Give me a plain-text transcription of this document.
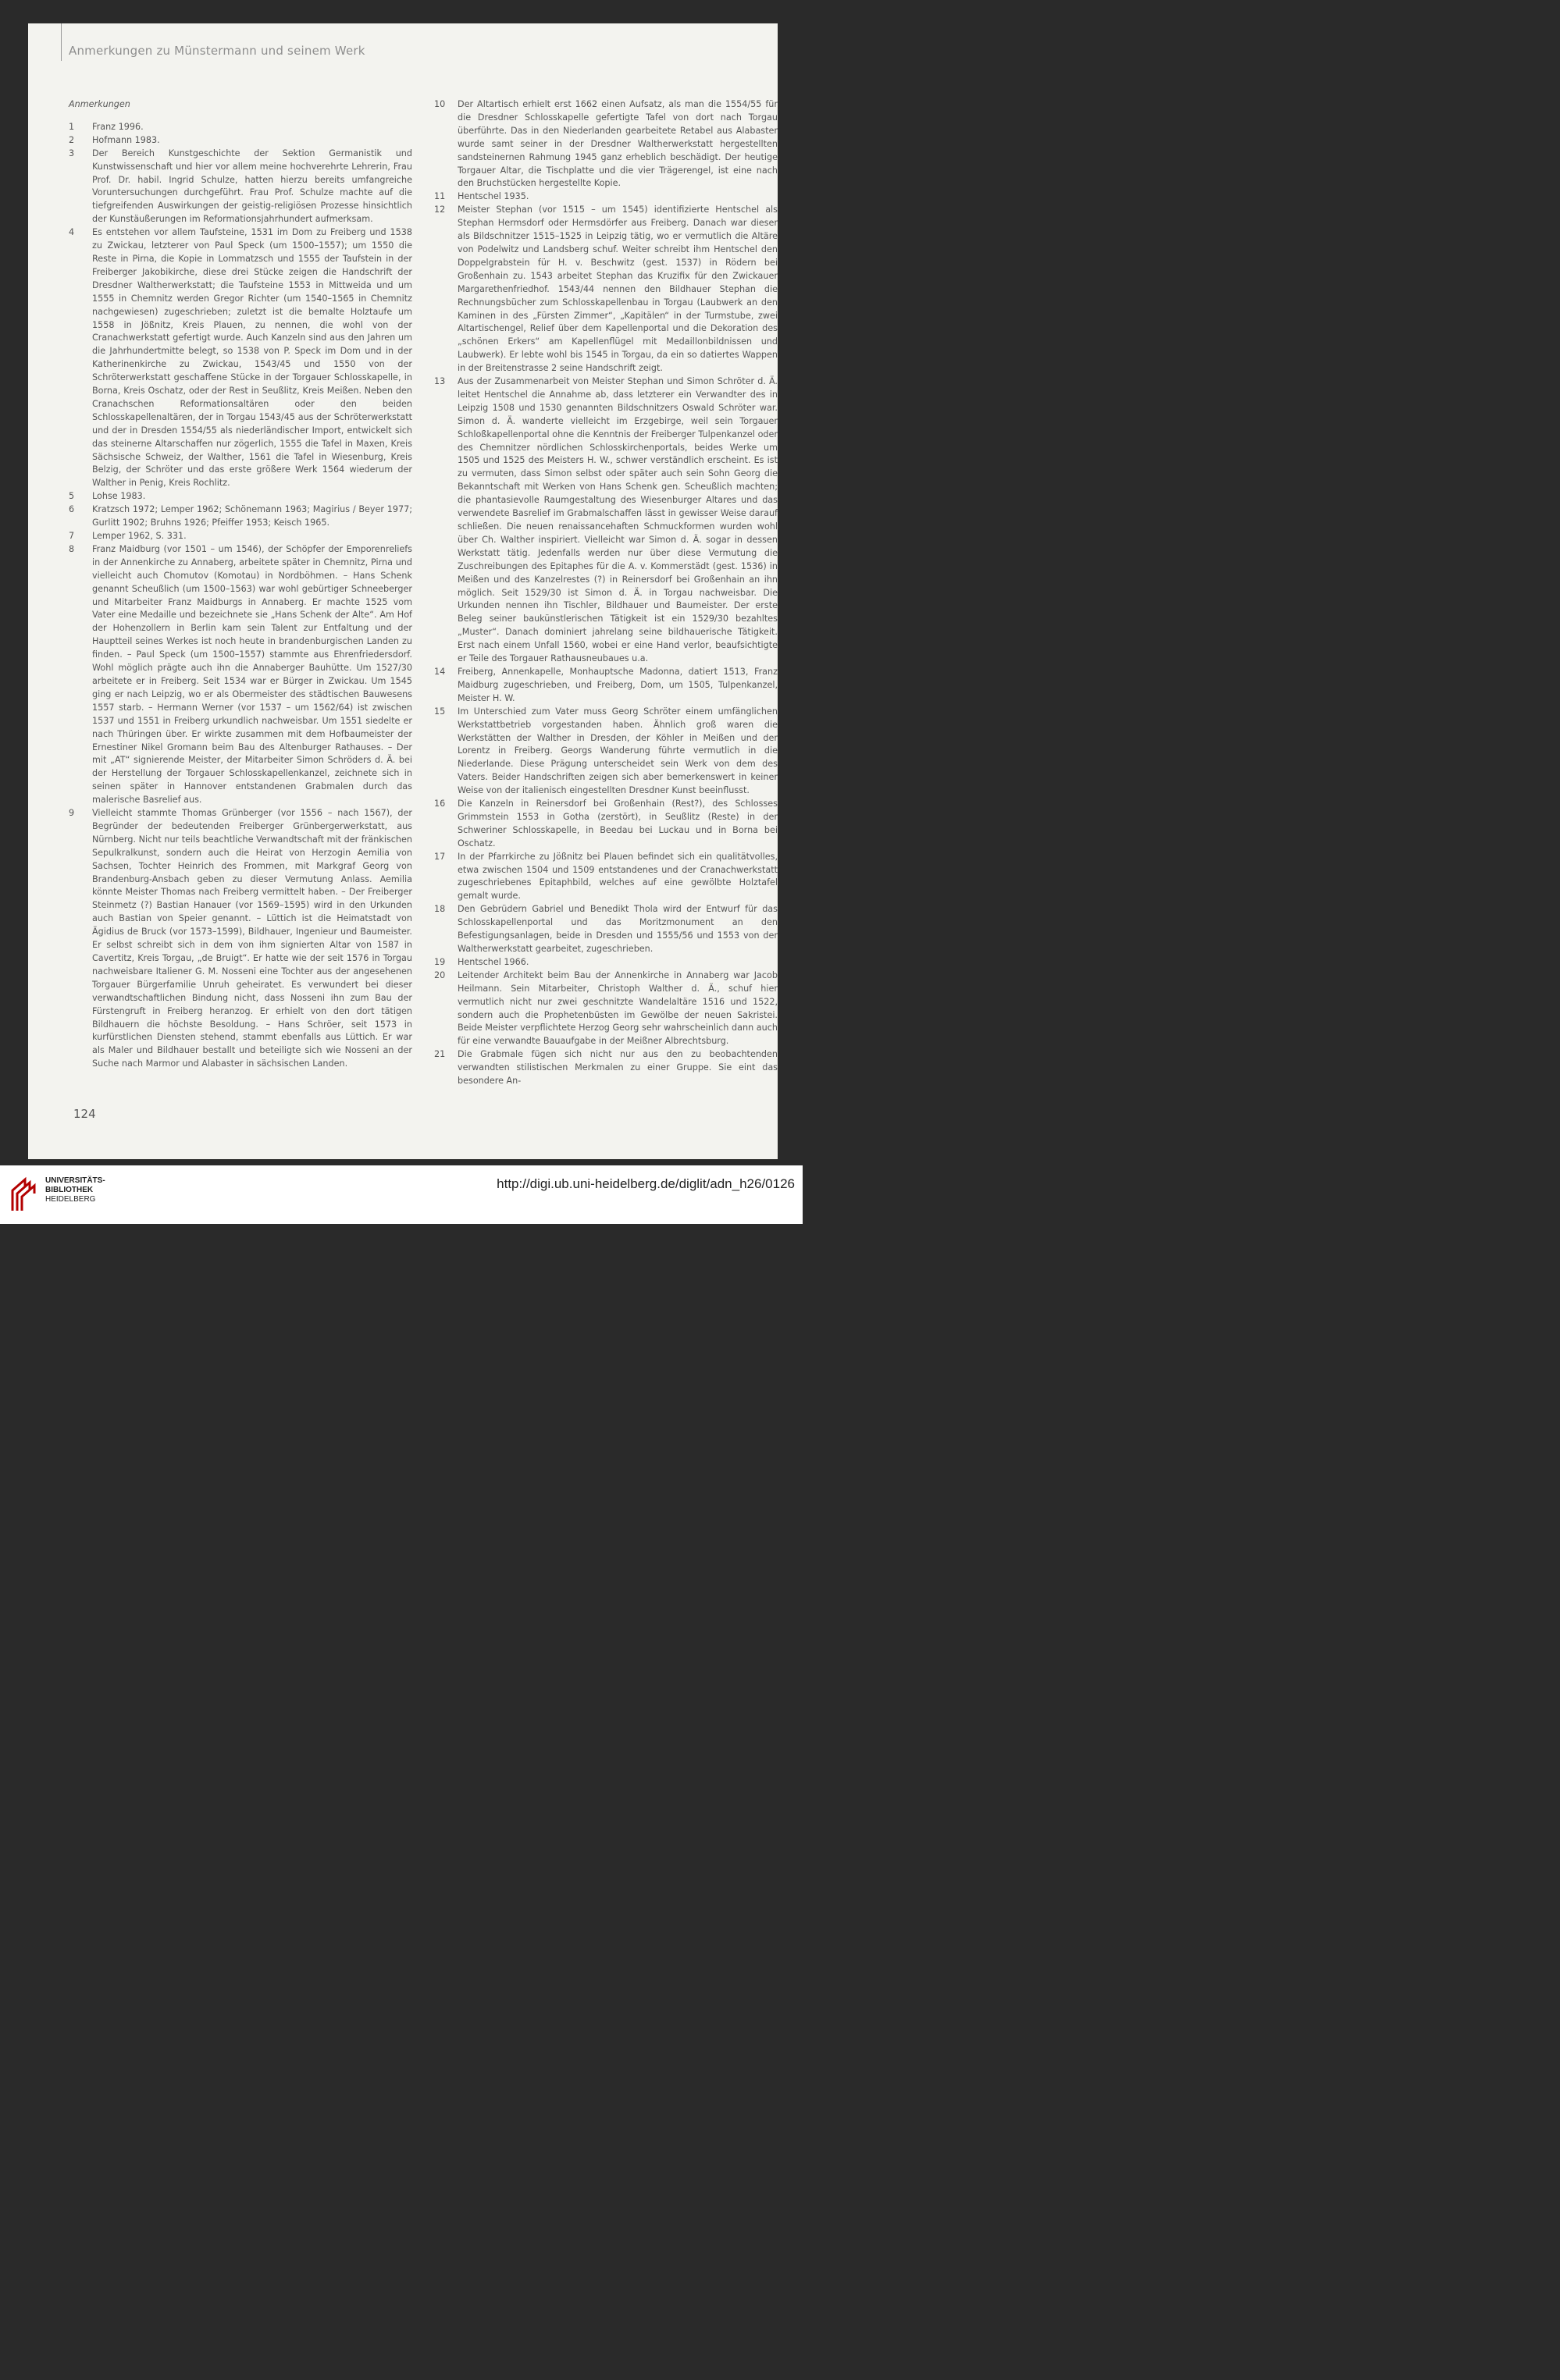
Anmerkungen zu Münstermann und seinem Werk
Anmerkungen
1	Franz 1996.
2	Hofmann 1983.
3	Der Bereich Kunstgeschichte der Sektion Germanistik und Kunstwissenschaft und hier vor allem meine hochverehrte Lehrerin, Frau Prof. Dr. habil. Ingrid Schulze, hatten hierzu bereits umfangreiche Voruntersuchungen durchgeführt. Frau Prof. Schulze machte auf die tiefgreifenden Auswirkungen der geistig-religiösen Prozesse hinsichtlich der Kunstäußerungen im Reformationsjahrhundert aufmerksam.
4	Es entstehen vor allem Taufsteine, 1531 im Dom zu Freiberg und 1538 zu Zwickau, letzterer von Paul Speck (um 1500–1557); um 1550 die Reste in Pirna, die Kopie in Lommatzsch und 1555 der Taufstein in der Freiberger Jakobikirche, diese drei Stücke zeigen die Handschrift der Dresdner Waltherwerkstatt; die Taufsteine 1553 in Mittweida und um 1555 in Chemnitz werden Gregor Richter (um 1540–1565 in Chemnitz nachgewiesen) zugeschrieben; zuletzt ist die bemalte Holztaufe um 1558 in Jößnitz, Kreis Plauen, zu nennen, die wohl von der Cranachwerkstatt gefertigt wurde. Auch Kanzeln sind aus den Jahren um die Jahrhundertmitte belegt, so 1538 von P. Speck im Dom und in der Katherinenkirche zu Zwickau, 1543/45 und 1550 von der Schröterwerkstatt geschaffene Stücke in der Torgauer Schlosskapelle, in Borna, Kreis Oschatz, oder der Rest in Seußlitz, Kreis Meißen. Neben den Cranachschen Reformationsaltären oder den beiden Schlosskapellenaltären, der in Torgau 1543/45 aus der Schröterwerkstatt und der in Dresden 1554/55 als niederländischer Import, entwickelt sich das steinerne Altarschaffen nur zögerlich, 1555 die Tafel in Maxen, Kreis Sächsische Schweiz, der Walther, 1561 die Tafel in Wiesenburg, Kreis Belzig, der Schröter und das erste größere Werk 1564 wiederum der Walther in Penig, Kreis Rochlitz.
5	Lohse 1983.
6	Kratzsch 1972; Lemper 1962; Schönemann 1963; Magirius / Beyer 1977; Gurlitt 1902; Bruhns 1926; Pfeiffer 1953; Keisch 1965.
7	Lemper 1962, S. 331.
8	Franz Maidburg (vor 1501 – um 1546), der Schöpfer der Emporenreliefs in der Annenkirche zu Annaberg, arbeitete später in Chemnitz, Pirna und vielleicht auch Chomutov (Komotau) in Nordböhmen. – Hans Schenk genannt Scheußlich (um 1500–1563) war wohl gebürtiger Schneeberger und Mitarbeiter Franz Maidburgs in Annaberg. Er machte 1525 vom Vater eine Medaille und bezeichnete sie „Hans Schenk der Alte“. Am Hof der Hohenzollern in Berlin kam sein Talent zur Entfaltung und der Hauptteil seines Werkes ist noch heute in brandenburgischen Landen zu finden. – Paul Speck (um 1500–1557) stammte aus Ehrenfriedersdorf. Wohl möglich prägte auch ihn die Annaberger Bauhütte. Um 1527/30 arbeitete er in Freiberg. Seit 1534 war er Bürger in Zwickau. Um 1545 ging er nach Leipzig, wo er als Obermeister des städtischen Bauwesens 1557 starb. – Hermann Werner (vor 1537 – um 1562/64) ist zwischen 1537 und 1551 in Freiberg urkundlich nachweisbar. Um 1551 siedelte er nach Thüringen über. Er wirkte zusammen mit dem Hofbaumeister der Ernestiner Nikel Gromann beim Bau des Altenburger Rathauses. – Der mit „AT“ signierende Meister, der Mitarbeiter Simon Schröders d. Ä. bei der Herstellung der Torgauer Schlosskapellenkanzel, zeichnete sich in seinen später in Hannover entstandenen Grabmalen durch das malerische Basrelief aus.
9	Vielleicht stammte Thomas Grünberger (vor 1556 – nach 1567), der Begründer der bedeutenden Freiberger Grünbergerwerkstatt, aus Nürnberg. Nicht nur teils beachtliche Verwandtschaft mit der fränkischen Sepulkralkunst, sondern auch die Heirat von Herzogin Aemilia von Sachsen, Tochter Heinrich des Frommen, mit Markgraf Georg von Brandenburg-Ansbach geben zu dieser Vermutung Anlass. Aemilia könnte Meister Thomas nach Freiberg vermittelt haben. – Der Freiberger Steinmetz (?) Bastian Hanauer (vor 1569–1595) wird in den Urkunden auch Bastian von Speier genannt. – Lüttich ist die Heimatstadt von Ägidius de Bruck (vor 1573–1599), Bildhauer, Ingenieur und Baumeister. Er selbst schreibt sich in dem von ihm signierten Altar von 1587 in Cavertitz, Kreis Torgau, „de Bruigt“. Er hatte wie der seit 1576 in Torgau nachweisbare Italiener G. M. Nosseni eine Tochter aus der angesehenen Torgauer Bürgerfamilie Unruh geheiratet. Es verwundert bei dieser verwandtschaftlichen Bindung nicht, dass Nosseni ihn zum Bau der Fürstengruft in Freiberg heranzog. Er erhielt von den dort tätigen Bildhauern die höchste Besoldung. – Hans Schröer, seit 1573 in kurfürstlichen Diensten stehend, stammt ebenfalls aus Lüttich. Er war als Maler und Bildhauer bestallt und beteiligte sich wie Nosseni an der Suche nach Marmor und Alabaster in sächsischen Landen.
10	Der Altartisch erhielt erst 1662 einen Aufsatz, als man die 1554/55 für die Dresdner Schlosskapelle gefertigte Tafel von dort nach Torgau überführte. Das in den Niederlanden gearbeitete Retabel aus Alabaster wurde samt seiner in der Dresdner Waltherwerkstatt hergestellten sandsteinernen Rahmung 1945 ganz erheblich beschädigt. Der heutige Torgauer Altar, die Tischplatte und die vier Trägerengel, ist eine nach den Bruchstücken hergestellte Kopie.
11	Hentschel 1935.
12	Meister Stephan (vor 1515 – um 1545) identifizierte Hentschel als Stephan Hermsdorf oder Hermsdörfer aus Freiberg. Danach war dieser als Bildschnitzer 1515–1525 in Leipzig tätig, wo er vermutlich die Altäre von Podelwitz und Landsberg schuf. Weiter schreibt ihm Hentschel den Doppelgrabstein für H. v. Beschwitz (gest. 1537) in Rödern bei Großenhain zu. 1543 arbeitet Stephan das Kruzifix für den Zwickauer Margarethenfriedhof. 1543/44 nennen den Bildhauer Stephan die Rechnungsbücher zum Schlosskapellenbau in Torgau (Laubwerk an den Kaminen in des „Fürsten Zimmer“, „Kapitälen“ in der Turmstube, zwei Altartischengel, Relief über dem Kapellenportal und die Dekoration des „schönen Erkers“ am Kapellenflügel mit Medaillonbildnissen und Laubwerk). Er lebte wohl bis 1545 in Torgau, da ein so datiertes Wappen in der Breitenstrasse 2 seine Handschrift zeigt.
13	Aus der Zusammenarbeit von Meister Stephan und Simon Schröter d. Ä. leitet Hentschel die Annahme ab, dass letzterer ein Verwandter des in Leipzig 1508 und 1530 genannten Bildschnitzers Oswald Schröter war. Simon d. Ä. wanderte vielleicht im Erzgebirge, weil sein Torgauer Schloßkapellenportal ohne die Kenntnis der Freiberger Tulpenkanzel oder des Chemnitzer nördlichen Schlosskirchenportals, beides Werke um 1505 und 1525 des Meisters H. W., schwer verständlich erscheint. Es ist zu vermuten, dass Simon selbst oder später auch sein Sohn Georg die Bekanntschaft mit Werken von Hans Schenk gen. Scheußlich machten; die phantasievolle Raumgestaltung des Wiesenburger Altares und das verwendete Basrelief im Grabmalschaffen lässt in gewisser Weise darauf schließen. Die neuen renaissancehaften Schmuckformen wurden wohl über Ch. Walther inspiriert. Vielleicht war Simon d. Ä. sogar in dessen Werkstatt tätig. Jedenfalls werden nur über diese Vermutung die Zuschreibungen des Epitaphes für die A. v. Kommerstädt (gest. 1536) in Meißen und des Kanzelrestes (?) in Reinersdorf bei Großenhain an ihn möglich. Seit 1529/30 ist Simon d. Ä. in Torgau nachweisbar. Die Urkunden nennen ihn Tischler, Bildhauer und Baumeister. Der erste Beleg seiner baukünstlerischen Tätigkeit ist ein 1529/30 bezahltes „Muster“. Danach dominiert jahrelang seine bildhauerische Tätigkeit. Erst nach einem Unfall 1560, wobei er eine Hand verlor, beaufsichtigte er Teile des Torgauer Rathausneubaues u.a.
14	Freiberg, Annenkapelle, Monhauptsche Madonna, datiert 1513, Franz Maidburg zugeschrieben, und Freiberg, Dom, um 1505, Tulpenkanzel, Meister H. W.
15	Im Unterschied zum Vater muss Georg Schröter einem umfänglichen Werkstattbetrieb vorgestanden haben. Ähnlich groß waren die Werkstätten der Walther in Dresden, der Köhler in Meißen und der Lorentz in Freiberg. Georgs Wanderung führte vermutlich in die Niederlande. Diese Prägung unterscheidet sein Werk von dem des Vaters. Beider Handschriften zeigen sich aber bemerkenswert in keiner Weise von der italienisch eingestellten Dresdner Kunst beeinflusst.
16	Die Kanzeln in Reinersdorf bei Großenhain (Rest?), des Schlosses Grimmstein 1553 in Gotha (zerstört), in Seußlitz (Reste) in der Schweriner Schlosskapelle, in Beedau bei Luckau und in Borna bei Oschatz.
17	In der Pfarrkirche zu Jößnitz bei Plauen befindet sich ein qualitätvolles, etwa zwischen 1504 und 1509 entstandenes und der Cranachwerkstatt zugeschriebenes Epitaphbild, welches auf eine gewölbte Holztafel gemalt wurde.
18	Den Gebrüdern Gabriel und Benedikt Thola wird der Entwurf für das Schlosskapellenportal und das Moritzmonument an den Befestigungsanlagen, beide in Dresden und 1555/56 und 1553 von der Waltherwerkstatt gearbeitet, zugeschrieben.
19	Hentschel 1966.
20	Leitender Architekt beim Bau der Annenkirche in Annaberg war Jacob Heilmann. Sein Mitarbeiter, Christoph Walther d. Ä., schuf hier vermutlich nicht nur zwei geschnitzte Wandelaltäre 1516 und 1522, sondern auch die Prophetenbüsten im Gewölbe der neuen Sakristei. Beide Meister verpflichtete Herzog Georg sehr wahrscheinlich dann auch für eine verwandte Bauaufgabe in der Meißner Albrechtsburg.
21	Die Grabmale fügen sich nicht nur aus den zu beobachtenden verwandten stilistischen Merkmalen zu einer Gruppe. Sie eint das besondere An-
124
UNIVERSITÄTS-
BIBLIOTHEK
HEIDELBERG
http://digi.ub.uni-heidelberg.de/diglit/adn_h26/0126
